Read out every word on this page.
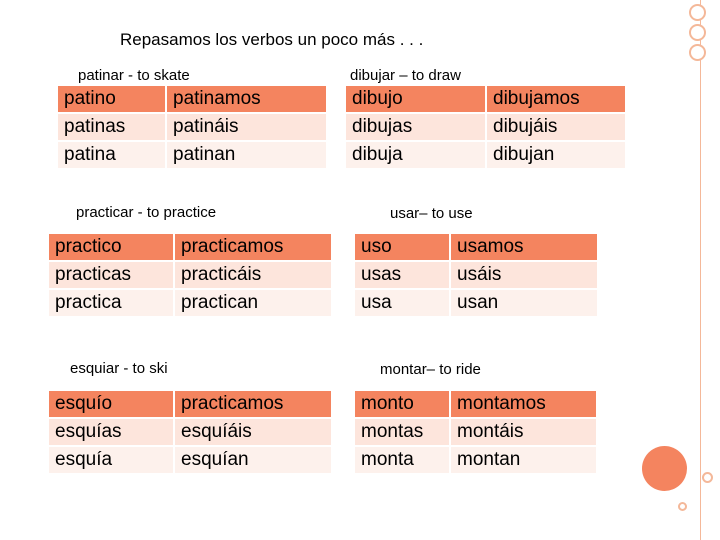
Repasamos los verbos un poco más . . .
patinar - to skate
patino	patinamos
patinas	patináis
patina	patinan
dibujar – to draw
dibujo	dibujamos
dibujas	dibujáis
dibuja	dibujan
practicar - to practice
practico	practicamos
practicas	practicáis
practica	practican
usar– to use
uso	usamos
usas	usáis
usa	usan
esquiar - to ski
esquío	practicamos
esquías	esquíáis
esquía	esquían
montar– to ride
monto	montamos
montas	montáis
monta	montan
